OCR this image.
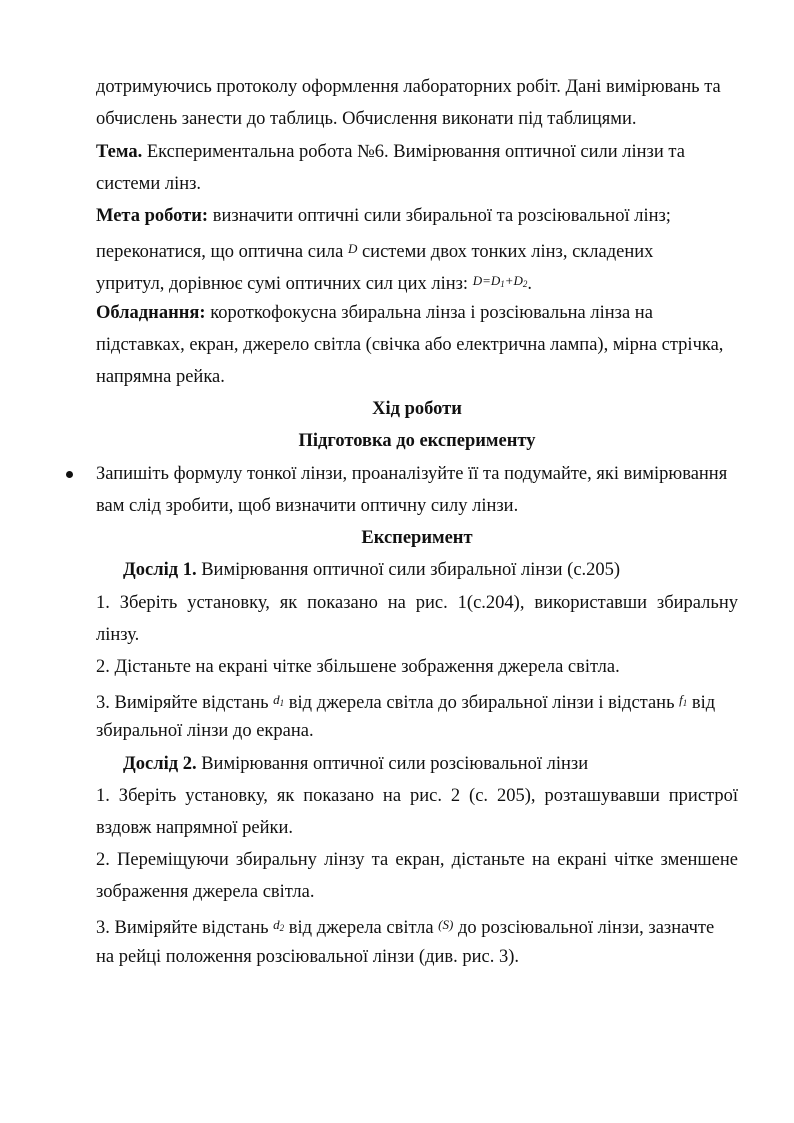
дотримуючись протоколу оформлення лабораторних робіт. Дані вимірювань та
обчислень занести до таблиць. Обчислення виконати під таблицями.
Тема. Експериментальна робота №6. Вимірювання оптичної сили лінзи та
системи лінз.
Мета роботи: визначити оптичні сили збиральної та розсіювальної лінз;
переконатися, що оптична сила $^D$ системи двох тонких лінз, складених
упритул, дорівнює сумі оптичних сил цих лінз: $^{D=D_1+D_2}$.
Обладнання: короткофокусна збиральна лінза і розсіювальна лінза на
підставках, екран, джерело світла (свічка або електрична лампа), мірна стрічка,
напрямна рейка.
Хід роботи
Підготовка до експерименту
Запишіть формулу тонкої лінзи, проаналізуйте її та подумайте, які вимірювання
вам слід зробити, щоб визначити оптичну силу лінзи.
Експеримент
Дослід 1. Вимірювання оптичної сили збиральної лінзи (с.205)
1. Зберіть установку, як показано на рис. 1(с.204), використавши збиральну
лінзу.
2. Дістаньте на екрані чітке збільшене зображення джерела світла.
3. Виміряйте відстань $^{d_1}$ від джерела світла до збиральної лінзи і відстань $^{f_1}$ від
збиральної лінзи до екрана.
Дослід 2. Вимірювання оптичної сили розсіювальної лінзи
1. Зберіть установку, як показано на рис. 2 (с. 205), розташувавши пристрої
вздовж напрямної рейки.
2. Переміщуючи збиральну лінзу та екран, дістаньте на екрані чітке зменшене
зображення джерела світла.
3. Виміряйте відстань $^{d_2}$ від джерела світла $^{(S)}$ до розсіювальної лінзи, зазначте
на рейці положення розсіювальної лінзи (див. рис. 3).
